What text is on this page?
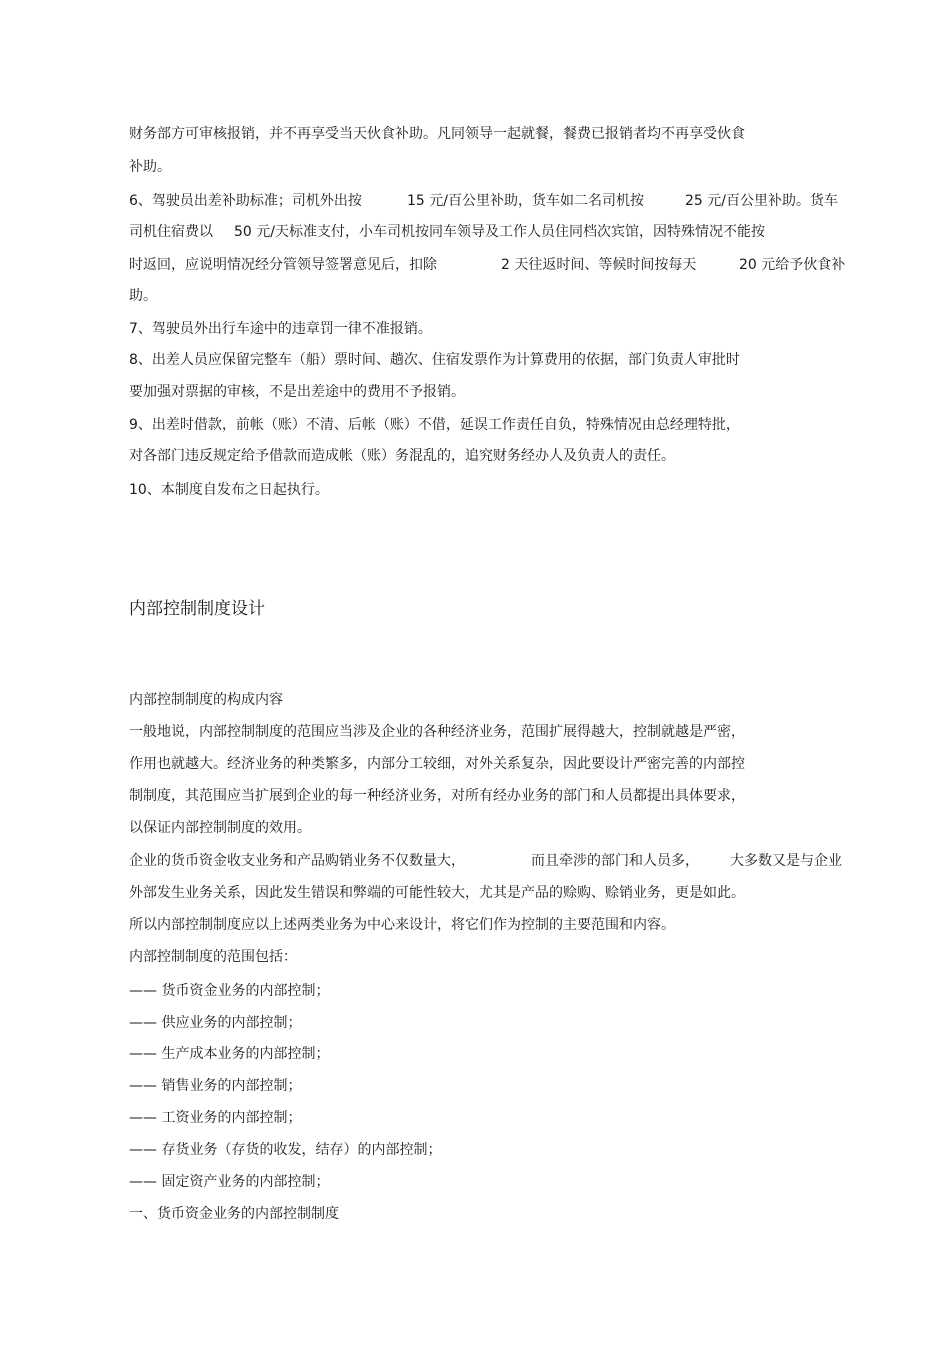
财务部方可审核报销，并不再享受当天伙食补助。凡同领导一起就餐，餐费已报销者均不再享受伙食

补助。

6、驾驶员出差补助标准；司机外出按

	15 元/百公里补助，货车如二名司机按

	25 元/百公里补助。货车

司机住宿费以

50 元/天标准支付，小车司机按同车领导及工作人员住同档次宾馆，因特殊情况不能按

时返回，应说明情况经分管领导签署意见后，扣除

	2 天往返时间、等候时间按每天

	20 元给予伙食补

助。

7、驾驶员外出行车途中的违章罚一律不准报销。

8、出差人员应保留完整车（船）票时间、趟次、住宿发票作为计算费用的依据，部门负责人审批时

要加强对票据的审核，不是出差途中的费用不予报销。

9、出差时借款，前帐（账）不清、后帐（账）不借，延误工作责任自负，特殊情况由总经理特批，

对各部门违反规定给予借款而造成帐（账）务混乱的，追究财务经办人及负责人的责任。

10、本制度自发布之日起执行。

内部控制制度设计

内部控制制度的构成内容

一般地说，内部控制制度的范围应当涉及企业的各种经济业务，范围扩展得越大，控制就越是严密，

作用也就越大。经济业务的种类繁多，内部分工较细，对外关系复杂，因此要设计严密完善的内部控

制制度，其范围应当扩展到企业的每一种经济业务，对所有经办业务的部门和人员都提出具体要求，

以保证内部控制制度的效用。

企业的货币资金收支业务和产品购销业务不仅数量大，

	而且牵涉的部门和人员多，

大多数又是与企业

外部发生业务关系，因此发生错误和弊端的可能性较大，尤其是产品的赊购、赊销业务，更是如此。

所以内部控制制度应以上述两类业务为中心来设计，将它们作为控制的主要范围和内容。

内部控制制度的范围包括：

—— 货币资金业务的内部控制；

—— 供应业务的内部控制；

—— 生产成本业务的内部控制；

—— 销售业务的内部控制；

—— 工资业务的内部控制；

—— 存货业务（存货的收发，结存）的内部控制；

—— 固定资产业务的内部控制；

一、货币资金业务的内部控制制度
